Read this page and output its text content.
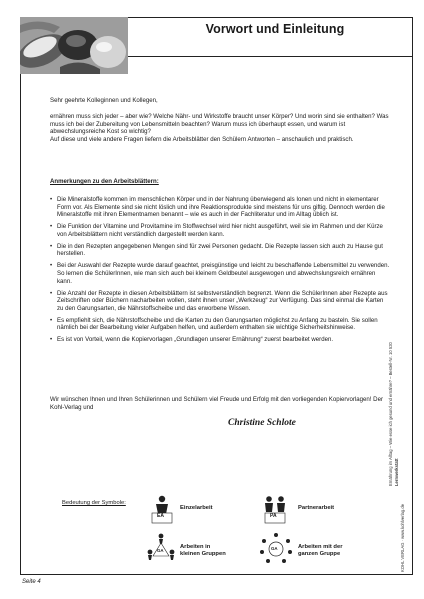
Vorwort und Einleitung

Sehr geehrte Kolleginnen und Kollegen,

ernähren muss sich jeder – aber wie? Welche Nähr- und Wirkstoffe braucht unser Körper? Und worin sind sie enthalten? Was muss ich bei der Zubereitung von Lebensmitteln beachten? Warum muss ich überhaupt essen, und warum ist abwechslungsreiche Kost so wichtig?

Auf diese und viele andere Fragen liefern die Arbeitsblätter den Schülern Antworten – anschaulich und praktisch.

Anmerkungen zu den Arbeitsblättern:

• Die Mineralstoffe kommen im menschlichen Körper und in der Nahrung überwiegend als Ionen und nicht in elementarer Form vor. Als Elemente sind sie nicht löslich und ihre Reaktionsprodukte sind meistens für uns giftig. Dennoch werden die Mineralstoffe mit ihren Elementnamen benannt – wie es auch in der Fachliteratur und im Alltag üblich ist.
• Die Funktion der Vitamine und Provitamine im Stoffwechsel wird hier nicht ausgeführt, weil sie im Rahmen und der Kürze von Arbeitsblättern nicht verständlich dargestellt werden kann.
• Die in den Rezepten angegebenen Mengen sind für zwei Personen gedacht. Die Rezepte lassen sich auch zu Hause gut herstellen.
• Bei der Auswahl der Rezepte wurde darauf geachtet, preisgünstige und leicht zu beschaffende Lebensmittel zu verwenden. So lernen die SchülerInnen, wie man sich auch bei kleinem Geldbeutel ausgewogen und abwechslungsreich ernähren kann.
• Die Anzahl der Rezepte in diesen Arbeitsblättern ist selbstverständlich begrenzt. Wenn die SchülerInnen aber Rezepte aus Zeitschriften oder Büchern nacharbeiten wollen, steht ihnen unser „Werkzeug“ zur Verfügung. Das sind einmal die Karten zu den Garungsarten, die Nährstoffscheibe und das erworbene Wissen.
• Es empfiehlt sich, die Nährstoffscheibe und die Karten zu den Garungsarten möglichst zu Anfang zu basteln. Sie sollen nämlich bei der Bearbeitung vieler Aufgaben helfen, und außerdem enthalten sie wichtige Sicherheitshinweise.
• Es ist von Vorteil, wenn die Kopiervorlagen „Grundlagen unserer Ernährung“ zuerst bearbeitet werden.

Wir wünschen Ihnen und Ihren Schülerinnen und Schülern viel Freude und Erfolg mit den vorliegenden Kopiervorlagen! Der Kohl-Verlag und

Christine Schlote
Bedeutung der Symbole:
EA
Einzelarbeit
PA
Partnerarbeit
GA
Arbeiten in
kleinen Gruppen
GA	Arbeiten mit der
ganzen Gruppe
Ernährung im Alltag – Wie esse ich gesund und ernähre? – Bestell-Nr. 10 520 Lernwerkstatt
KOHL VERLAG · www.kohlverlag.de
Seite 4
